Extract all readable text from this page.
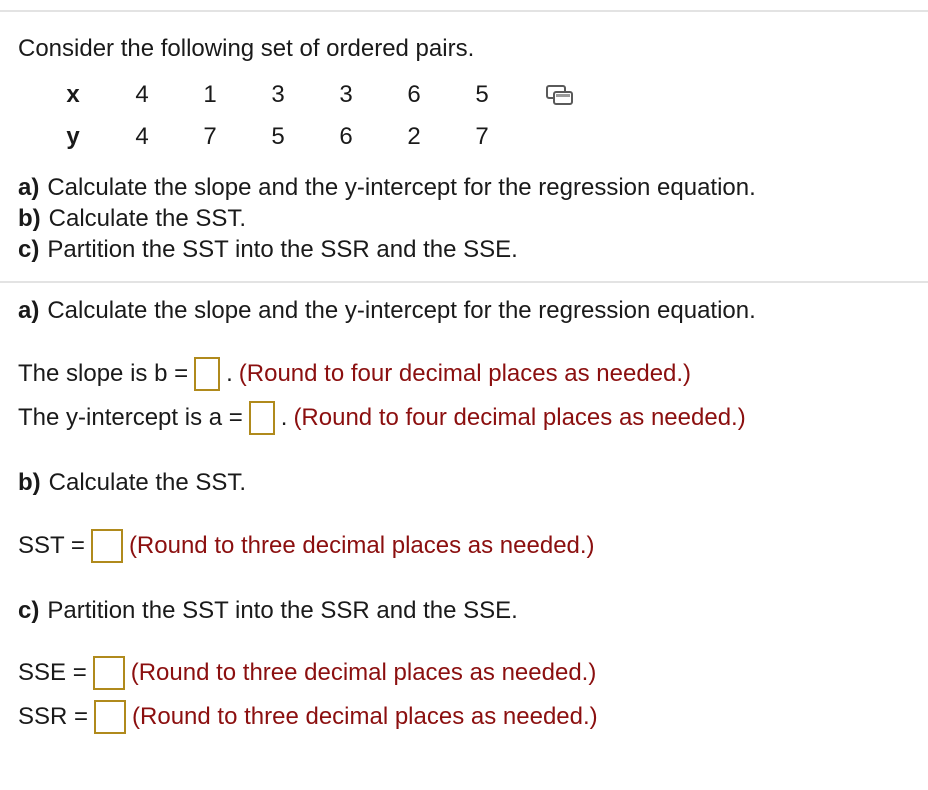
Consider the following set of ordered pairs.
x	4	1	3	3	6	5
y	4	7	5	6	2	7
a) Calculate the slope and the y-intercept for the regression equation.
b) Calculate the SST.
c) Partition the SST into the SSR and the SSE.
a) Calculate the slope and the y-intercept for the regression equation.
The slope is b = . (Round to four decimal places as needed.)
The y-intercept is a = . (Round to four decimal places as needed.)
b) Calculate the SST.
SST = (Round to three decimal places as needed.)
c) Partition the SST into the SSR and the SSE.
SSE = (Round to three decimal places as needed.)
SSR = (Round to three decimal places as needed.)
